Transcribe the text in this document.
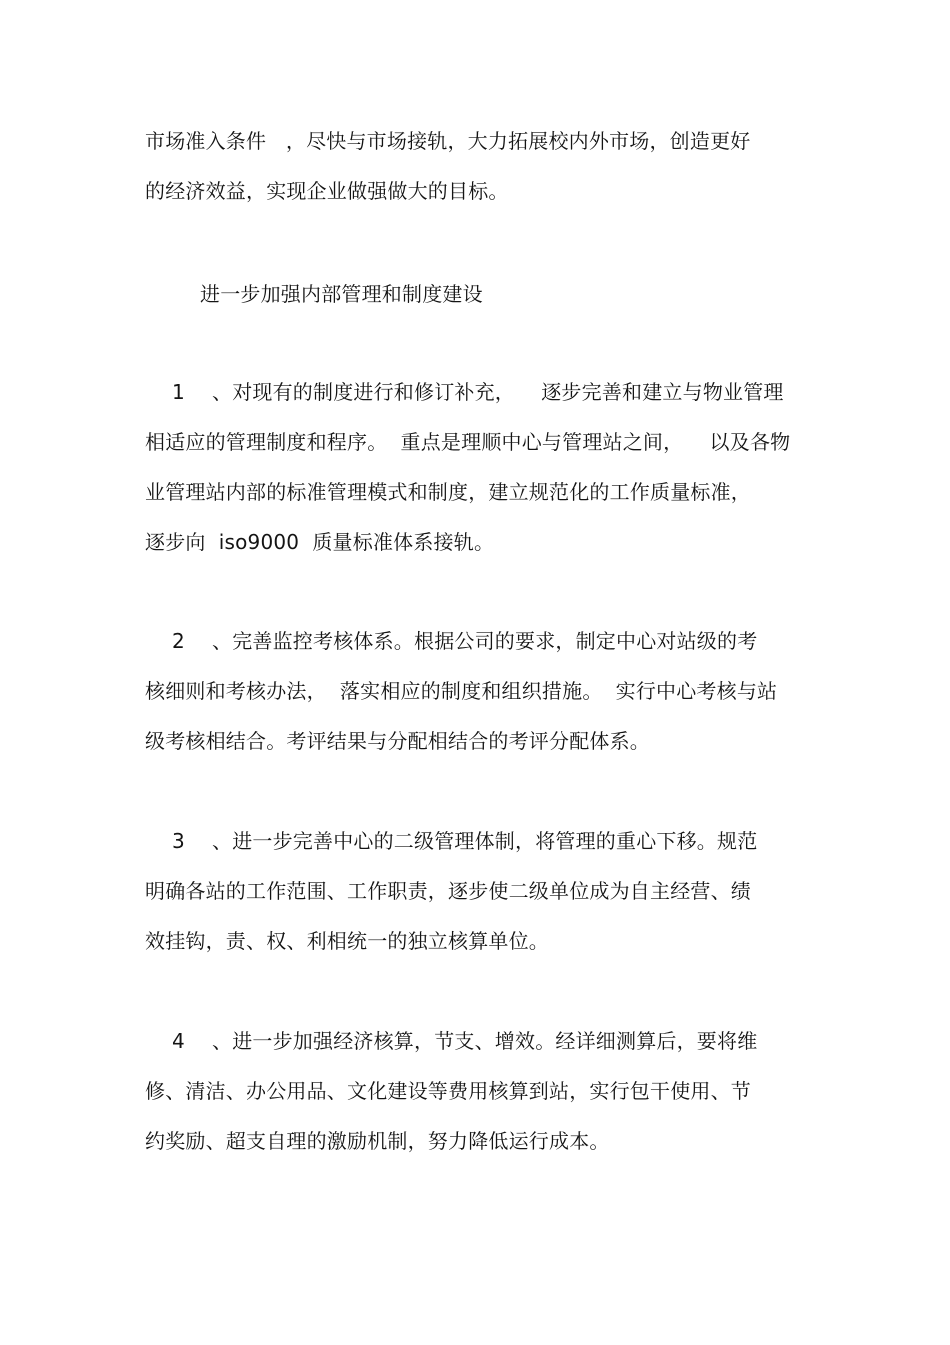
市场准入条件   ，尽快与市场接轨，大力拓展校内外市场，创造更好
的经济效益，实现企业做强做大的目标。
进一步加强内部管理和制度建设
1 、对现有的制度进行和修订补充，    逐步完善和建立与物业管理
相适应的管理制度和程序。  重点是理顺中心与管理站之间，    以及各物
业管理站内部的标准管理模式和制度，建立规范化的工作质量标准，
逐步向  iso9000  质量标准体系接轨。
2 、完善监控考核体系。根据公司的要求，制定中心对站级的考
核细则和考核办法，  落实相应的制度和组织措施。  实行中心考核与站
级考核相结合。考评结果与分配相结合的考评分配体系。
3 、进一步完善中心的二级管理体制，将管理的重心下移。规范
明确各站的工作范围、工作职责，逐步使二级单位成为自主经营、绩
效挂钩，责、权、利相统一的独立核算单位。
4 、进一步加强经济核算，节支、增效。经详细测算后，要将维
修、清洁、办公用品、文化建设等费用核算到站，实行包干使用、节
约奖励、超支自理的激励机制，努力降低运行成本。
